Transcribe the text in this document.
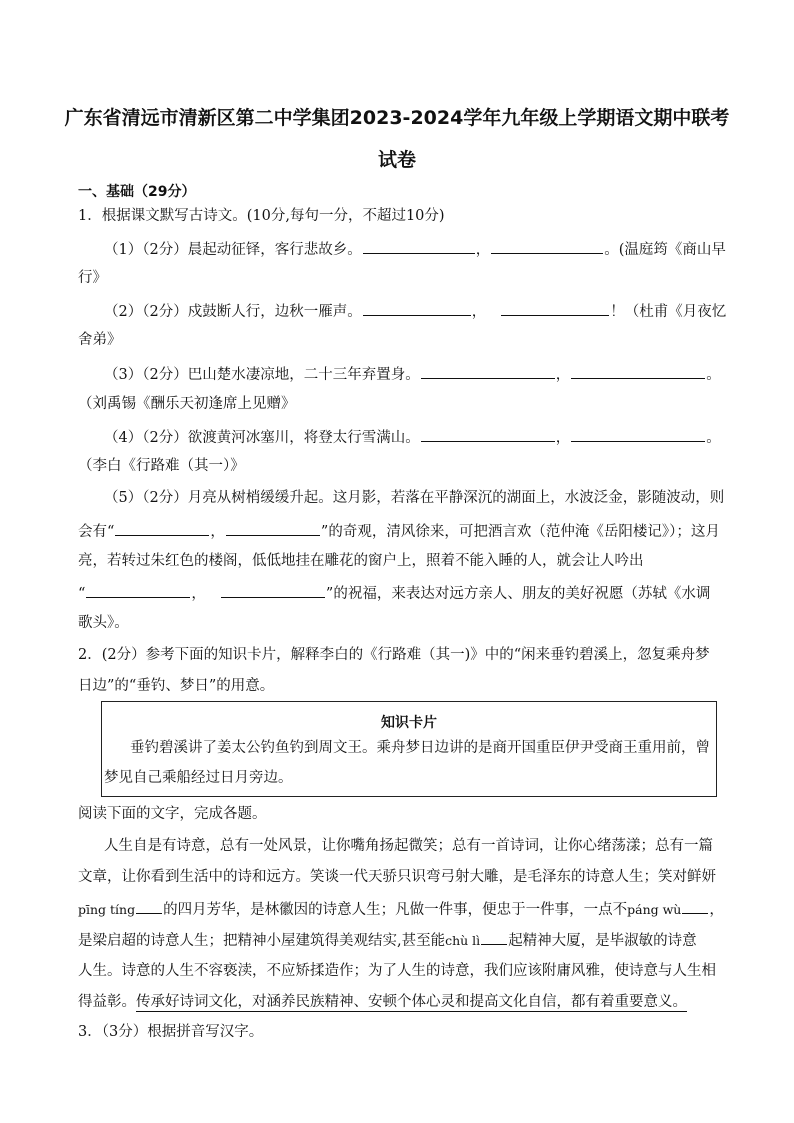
广东省清远市清新区第二中学集团2023-2024学年九年级上学期语文期中联考
试卷
一、基础（29分）
1．根据课文默写古诗文。(10分,每句一分，不超过10分)
（1）（2分）晨起动征铎，客行悲故乡。	，	。(温庭筠《商山早
行》
（2）（2分）戍鼓断人行，边秋一雁声。	，	！（杜甫《月夜忆
舍弟》
（3）（2分）巴山楚水凄凉地，二十三年弃置身。	，	。
（刘禹锡《酬乐天初逢席上见赠》
（4）（2分）欲渡黄河冰塞川，将登太行雪满山。	，	。
（李白《行路难（其一）》
（5）（2分）月亮从树梢缓缓升起。这月影，若落在平静深沉的湖面上，水波泛金，影随波动，则
会有“	，	”的奇观，清风徐来，可把酒言欢（范仲淹《岳阳楼记》）；这月
亮，若转过朱红色的楼阁，低低地挂在雕花的窗户上，照着不能入睡的人，就会让人吟出
“	，	”的祝福，来表达对远方亲人、朋友的美好祝愿（苏轼《水调
歌头》。
2．(2分）参考下面的知识卡片，解释李白的《行路难（其一)》中的“闲来垂钓碧溪上，忽复乘舟梦
日边”的“垂钓、梦日”的用意。
知识卡片
垂钓碧溪讲了姜太公钓鱼钓到周文王。乘舟梦日边讲的是商开国重臣伊尹受商王重用前，曾
梦见自己乘船经过日月旁边。
阅读下面的文字，完成各题。
人生自是有诗意，总有一处风景，让你嘴角扬起微笑；总有一首诗词，让你心绪荡漾；总有一篇
文章，让你看到生活中的诗和远方。笑谈一代天骄只识弯弓射大雕，是毛泽东的诗意人生；笑对鲜妍
pīng tíng 的四月芳华，是林徽因的诗意人生；凡做一件事，便忠于一件事，一点不páng wù ，
是梁启超的诗意人生；把精神小屋建筑得美观结实,甚至能chù lì 起精神大厦，是毕淑敏的诗意
人生。诗意的人生不容亵渎，不应矫揉造作；为了人生的诗意，我们应该附庸风雅，使诗意与人生相
得益彰。传承好诗词文化，对涵养民族精神、安顿个体心灵和提高文化自信，都有着重要意义。
3．（3分）根据拼音写汉字。
